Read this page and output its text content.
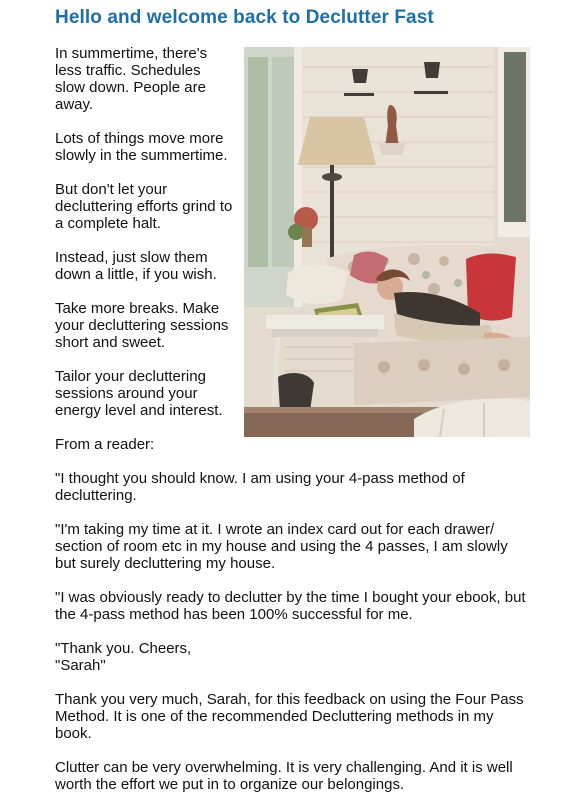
Hello and welcome back to Declutter Fast

In summertime, there's less traffic. Schedules slow down. People are away.

Lots of things move more slowly in the summertime.

But don't let your decluttering efforts grind to a complete halt.

Instead, just slow them down a little, if you wish.

Take more breaks. Make your decluttering sessions short and sweet.

Tailor your decluttering sessions around your energy level and interest.

From a reader:

"I thought you should know. I am using your 4-pass method of decluttering.

"I'm taking my time at it. I wrote an index card out for each drawer/ section of room etc in my house and using the 4 passes, I am slowly but surely decluttering my house.

"I was obviously ready to declutter by the time I bought your ebook, but the 4-pass method has been 100% successful for me.

"Thank you. Cheers,
"Sarah"

Thank you very much, Sarah, for this feedback on using the Four Pass Method. It is one of the recommended Decluttering methods in my book.

Clutter can be very overwhelming. It is very challenging. And it is well worth the effort we put in to organize our belongings.
